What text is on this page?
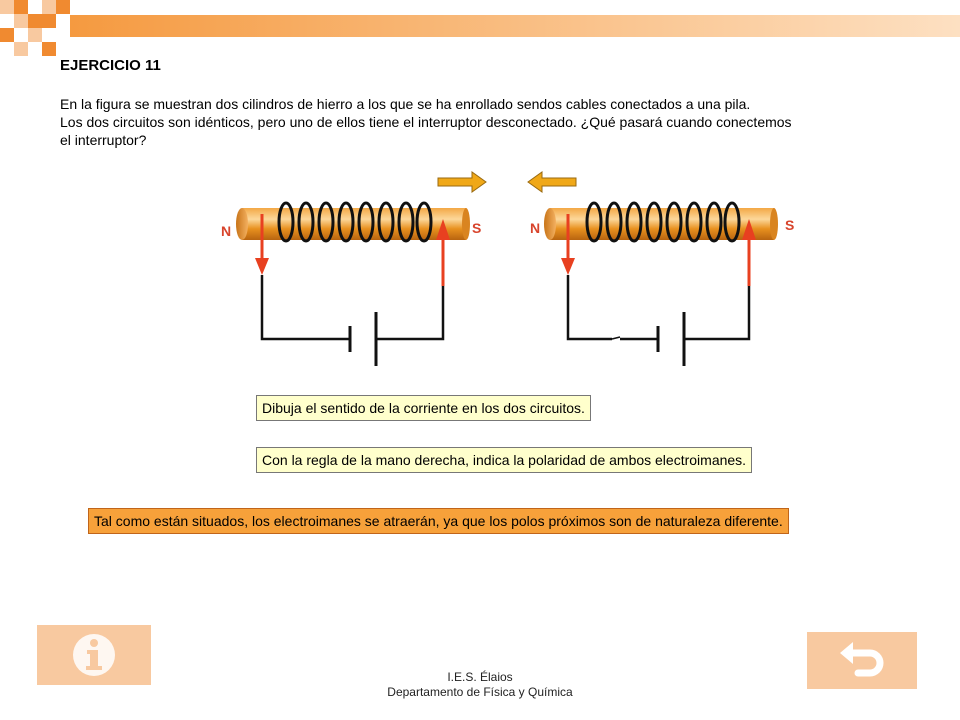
EJERCICIO 11

En la figura se muestran dos cilindros de hierro a los que se ha enrollado sendos cables conectados a una pila.
Los dos circuitos son idénticos, pero uno de ellos tiene el interruptor desconectado. ¿Qué pasará cuando conectemos
el interruptor?

N	S	N	S
Dibuja el sentido de la corriente en los dos circuitos.
Con la regla de la mano derecha, indica la polaridad de ambos electroimanes.
Tal como están situados, los electroimanes se atraerán, ya que los polos próximos son de naturaleza diferente.
I.E.S. Élaios
Departamento de Física y Química
